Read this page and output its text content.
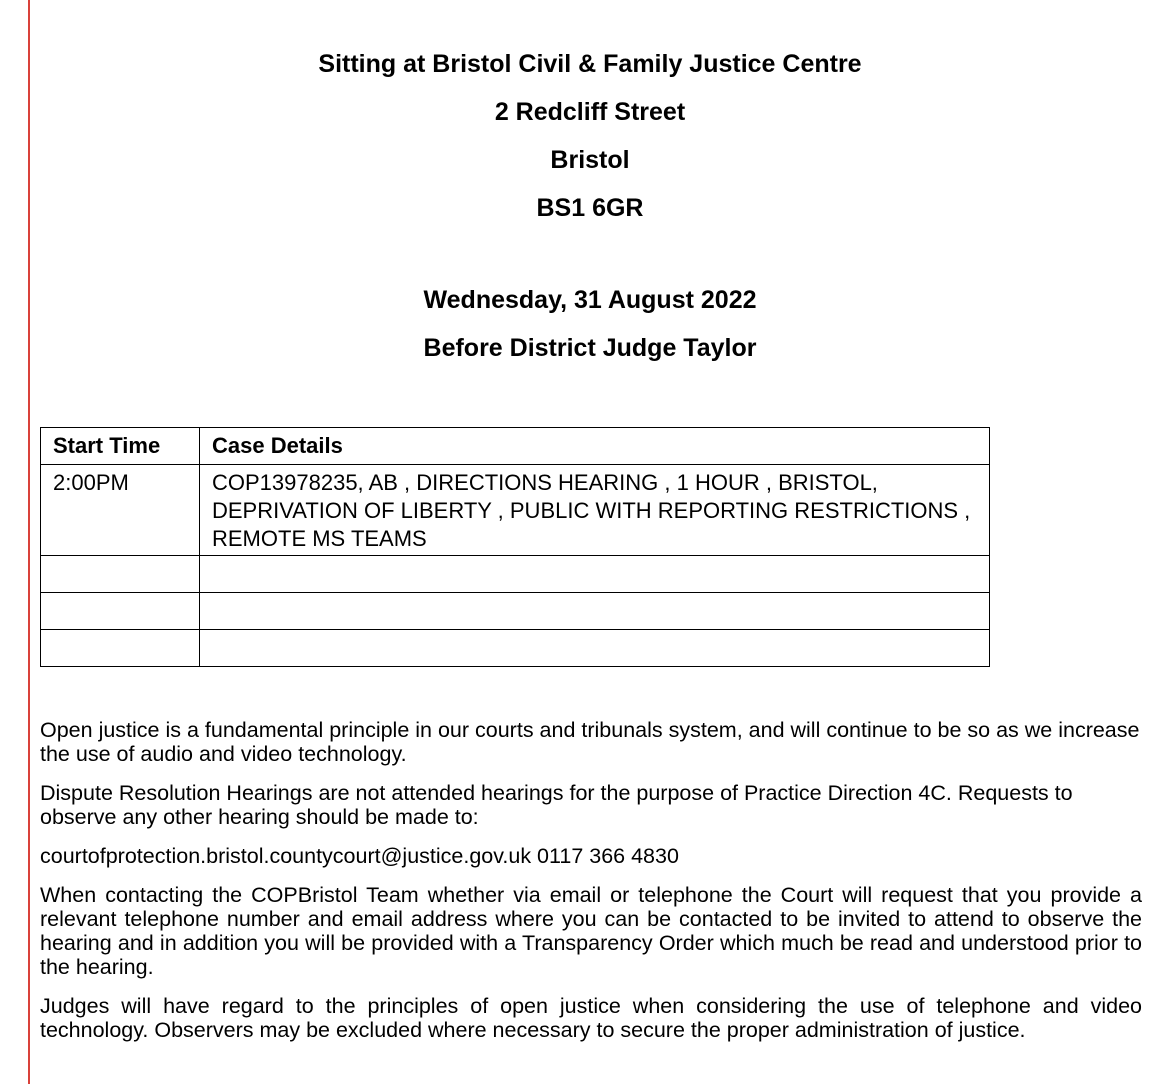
Sitting at Bristol Civil & Family Justice Centre
2 Redcliff Street
Bristol
BS1 6GR
Wednesday, 31 August 2022
Before District Judge Taylor
Start Time	Case Details
2:00PM	COP13978235, AB , DIRECTIONS HEARING , 1 HOUR , BRISTOL, DEPRIVATION OF LIBERTY , PUBLIC WITH REPORTING RESTRICTIONS , REMOTE MS TEAMS

Open justice is a fundamental principle in our courts and tribunals system, and will continue to be so as we increase the use of audio and video technology.

Dispute Resolution Hearings are not attended hearings for the purpose of Practice Direction 4C. Requests to observe any other hearing should be made to:

courtofprotection.bristol.countycourt@justice.gov.uk 0117 366 4830

When contacting the COPBristol Team whether via email or telephone the Court will request that you provide a relevant telephone number and email address where you can be contacted to be invited to attend to observe the hearing and in addition you will be provided with a Transparency Order which much be read and understood prior to the hearing.

Judges will have regard to the principles of open justice when considering the use of telephone and video technology. Observers may be excluded where necessary to secure the proper administration of justice.
